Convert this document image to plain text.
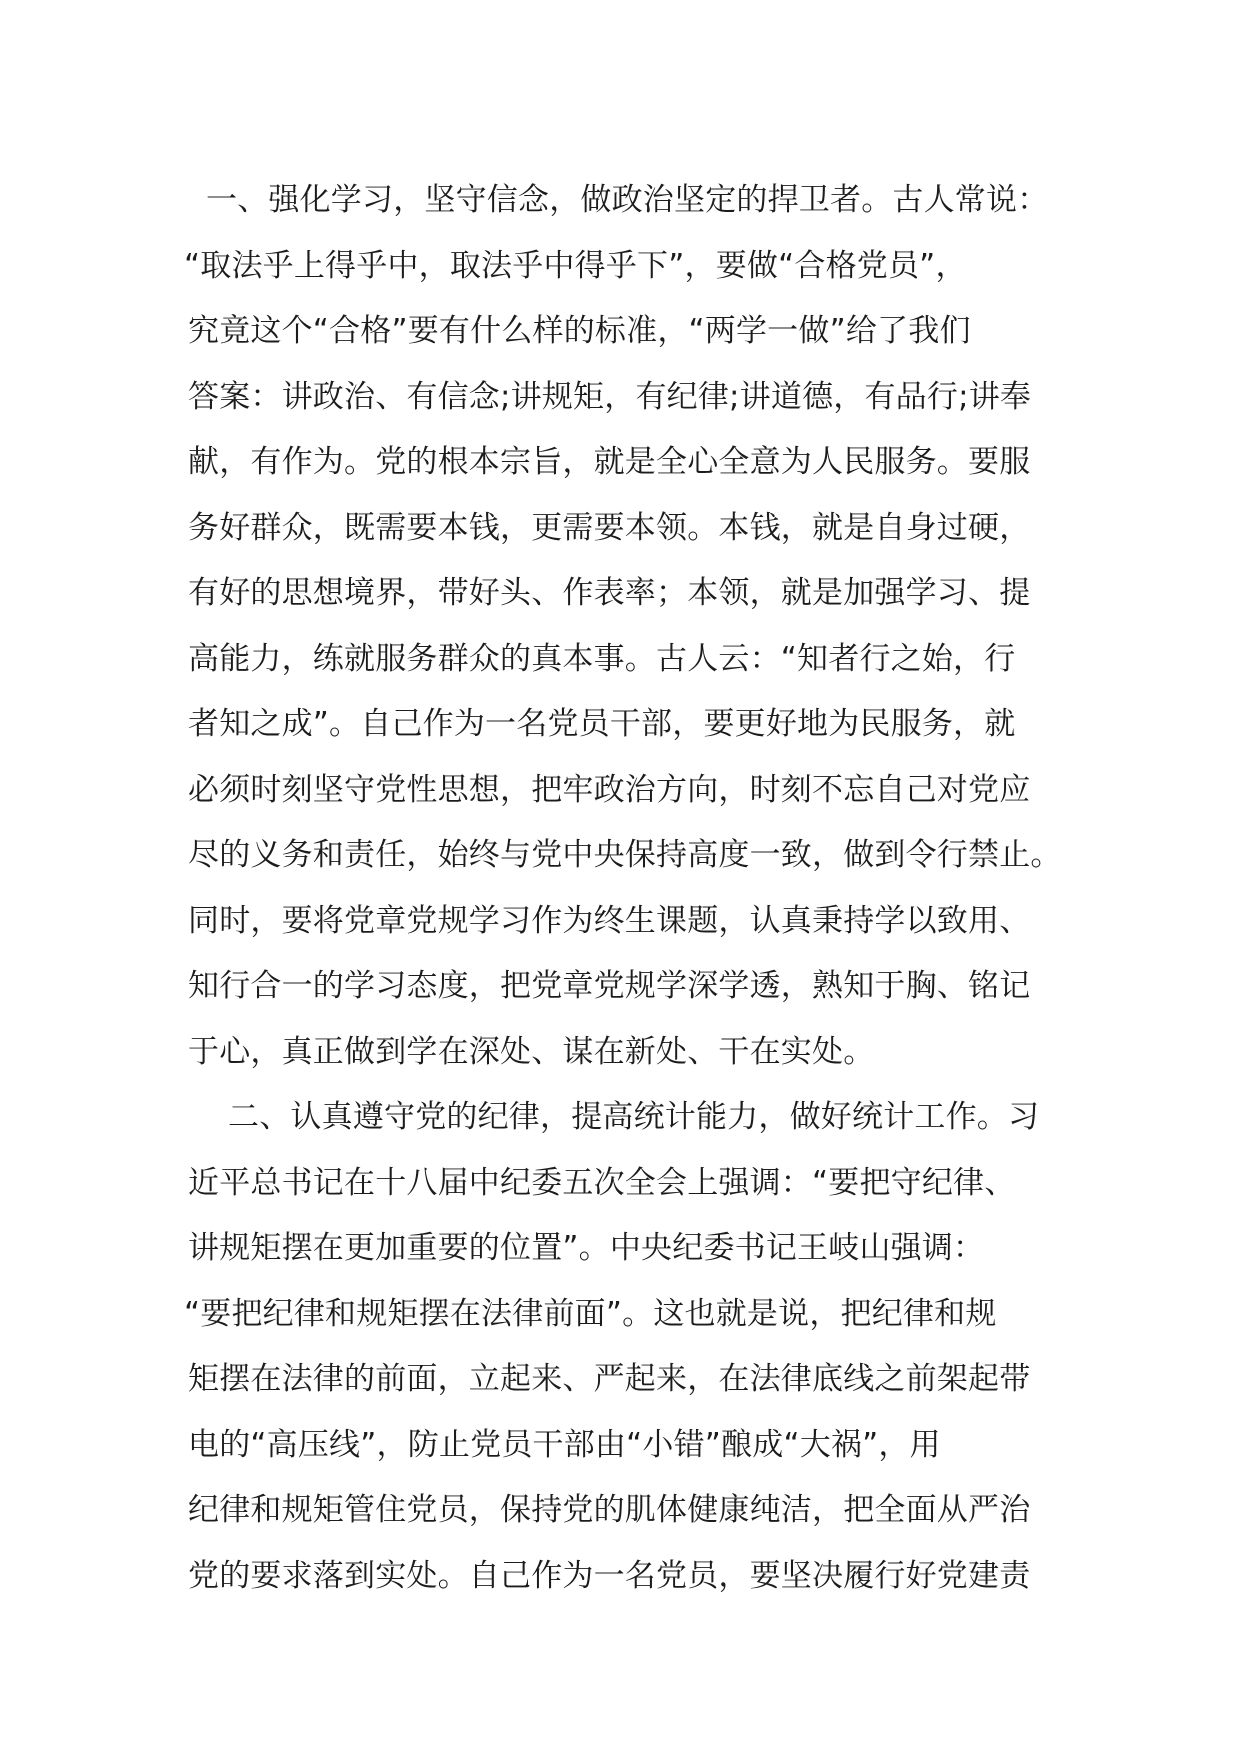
一、强化学习，坚守信念，做政治坚定的捍卫者。古人常说：
“取法乎上得乎中，取法乎中得乎下”，要做“合格党员”，
究竟这个“合格”要有什么样的标准，“两学一做”给了我们
答案：讲政治、有信念;讲规矩，有纪律;讲道德，有品行;讲奉
献，有作为。党的根本宗旨，就是全心全意为人民服务。要服
务好群众，既需要本钱，更需要本领。本钱，就是自身过硬，
有好的思想境界，带好头、作表率；本领，就是加强学习、提
高能力，练就服务群众的真本事。古人云：“知者行之始，行
者知之成”。自己作为一名党员干部，要更好地为民服务，就
必须时刻坚守党性思想，把牢政治方向，时刻不忘自己对党应
尽的义务和责任，始终与党中央保持高度一致，做到令行禁止。
同时，要将党章党规学习作为终生课题，认真秉持学以致用、
知行合一的学习态度，把党章党规学深学透，熟知于胸、铭记
于心，真正做到学在深处、谋在新处、干在实处。
二、认真遵守党的纪律，提高统计能力，做好统计工作。习
近平总书记在十八届中纪委五次全会上强调：“要把守纪律、
讲规矩摆在更加重要的位置”。中央纪委书记王岐山强调：
“要把纪律和规矩摆在法律前面”。这也就是说，把纪律和规
矩摆在法律的前面，立起来、严起来，在法律底线之前架起带
电的“高压线”，防止党员干部由“小错”酿成“大祸”，用
纪律和规矩管住党员，保持党的肌体健康纯洁，把全面从严治
党的要求落到实处。自己作为一名党员，要坚决履行好党建责
